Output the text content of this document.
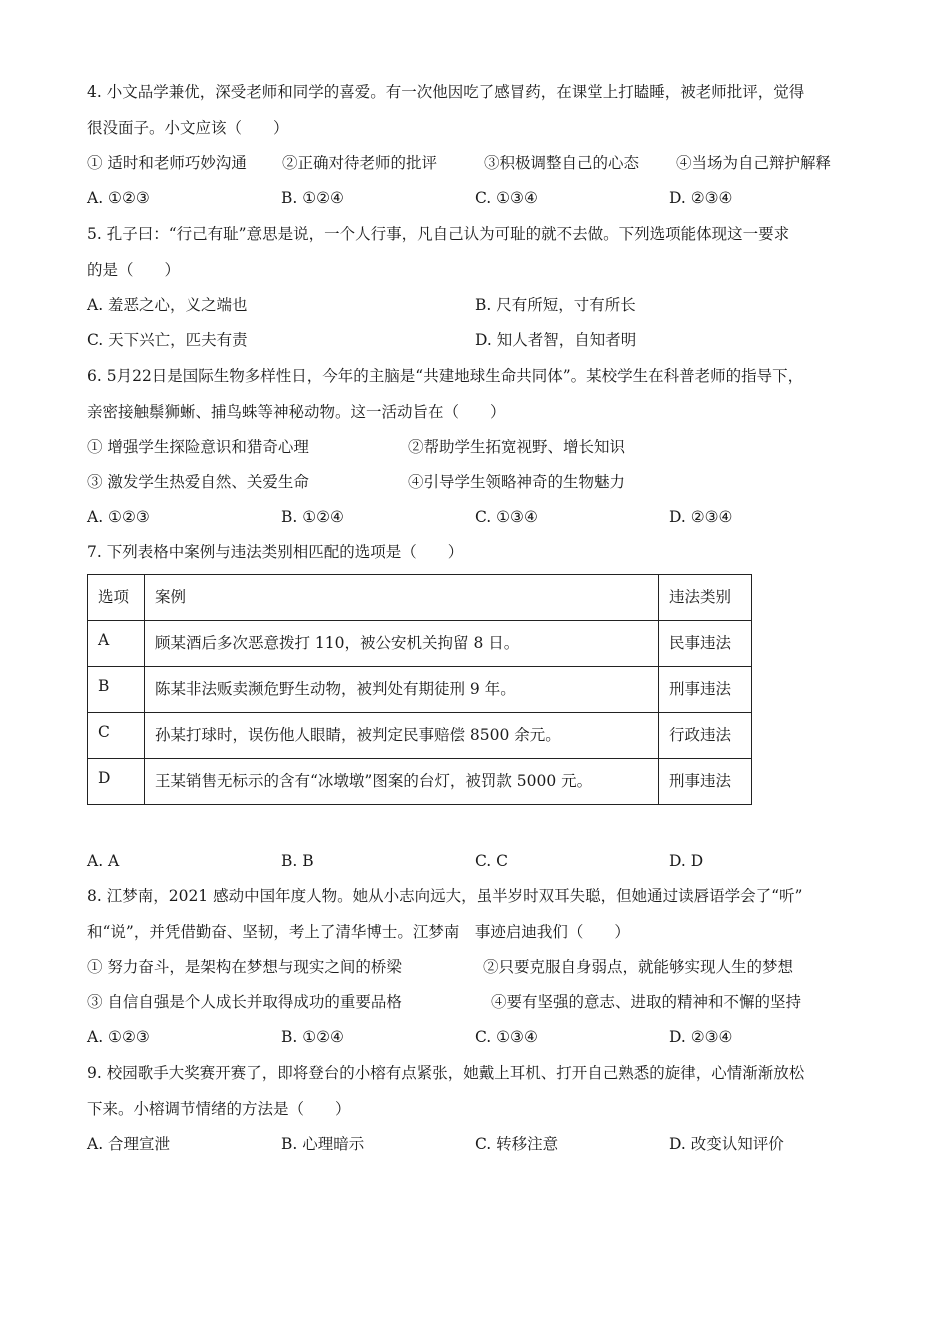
4. 小文品学兼优，深受老师和同学的喜爱。有一次他因吃了感冒药，在课堂上打瞌睡，被老师批评，觉得
很没面子。小文应该（　　）
① 适时和老师巧妙沟通 ②正确对待老师的批评	③积极调整自己的心态 ④当场为自己辩护解释
A. ①②③	B. ①②④	C. ①③④	D. ②③④
5. 孔子曰：“行己有耻”意思是说，一个人行事，凡自己认为可耻的就不去做。下列选项能体现这一要求
的是（　　）
A. 羞恶之心，义之端也	B. 尺有所短，寸有所长
C. 天下兴亡，匹夫有责	D. 知人者智，自知者明
6. 5月22日是国际生物多样性日，今年的主脑是“共建地球生命共同体”。某校学生在科普老师的指导下，
亲密接触鬃狮蜥、捕鸟蛛等神秘动物。这一活动旨在（　　）
① 增强学生探险意识和猎奇心理	②帮助学生拓宽视野、增长知识
③ 激发学生热爱自然、关爱生命	④引导学生领略神奇的生物魅力
A. ①②③	B. ①②④	C. ①③④	D. ②③④
7. 下列表格中案例与违法类别相匹配的选项是（　　）
选项	案例	违法类别
A	顾某酒后多次恶意拨打 110，被公安机关拘留 8 日。	民事违法
B	陈某非法贩卖濒危野生动物，被判处有期徒刑 9 年。	刑事违法
C	孙某打球时，误伤他人眼睛，被判定民事赔偿 8500 余元。	行政违法
D	王某销售无标示的含有“冰墩墩”图案的台灯，被罚款 5000 元。	刑事违法
A. A	B. B	C. C	D. D
8. 江梦南，2021 感动中国年度人物。她从小志向远大，虽半岁时双耳失聪，但她通过读唇语学会了“听”
和“说”，并凭借勤奋、坚韧，考上了清华博士。江梦南　事迹启迪我们（　　）
① 努力奋斗，是架构在梦想与现实之间的桥梁	②只要克服自身弱点，就能够实现人生的梦想
③ 自信自强是个人成长并取得成功的重要品格	④要有坚强的意志、进取的精神和不懈的坚持
A. ①②③	B. ①②④	C. ①③④	D. ②③④
9. 校园歌手大奖赛开赛了，即将登台的小榕有点紧张，她戴上耳机、打开自己熟悉的旋律，心情渐渐放松
下来。小榕调节情绪的方法是（　　）
A. 合理宣泄	B. 心理暗示	C. 转移注意	D. 改变认知评价
